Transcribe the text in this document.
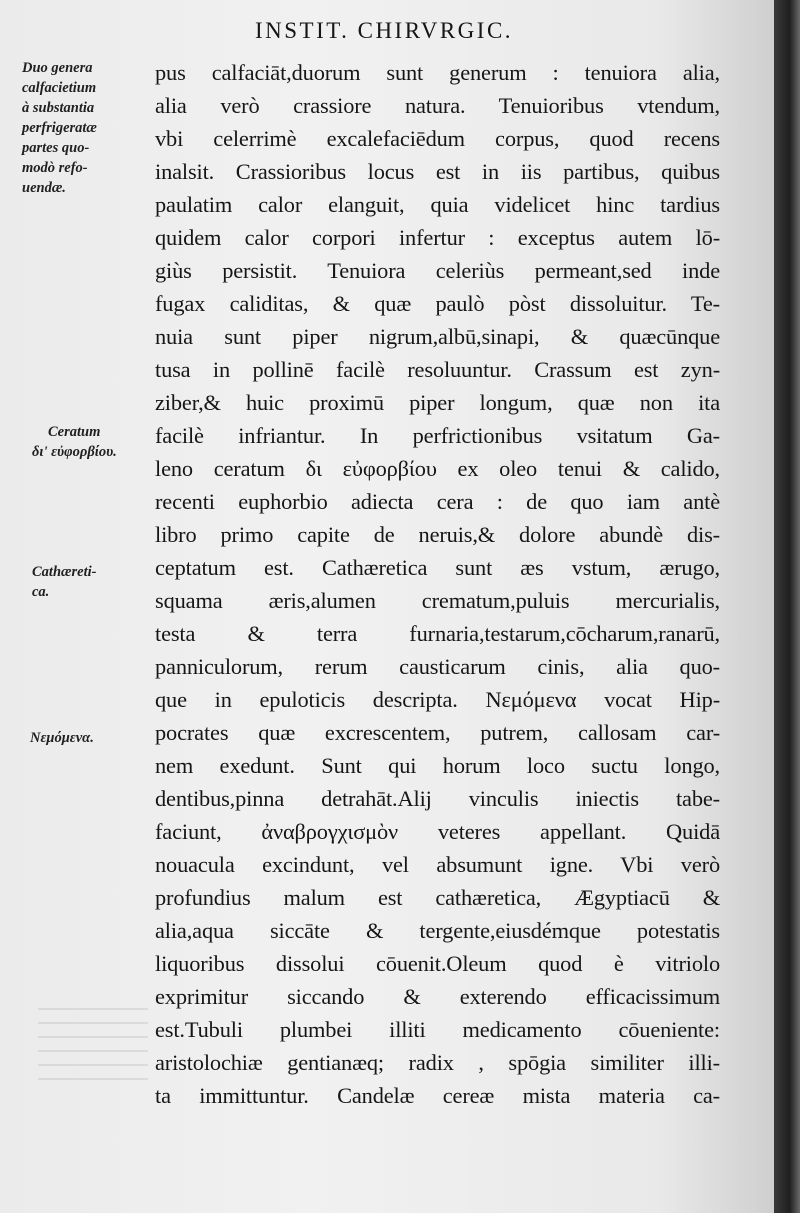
INSTIT. CHIRVRGIC.
Duo genera
calfacietium
à substantia
perfrigeratæ
partes quo-
modò refo-
uendæ.
Ceratum
δι' εὐφορβίου.
Cathæreti-
ca.
Νεμόμενα.
pus calfaciāt,duorum sunt generum : tenuiora alia,
alia verò crassiore natura. Tenuioribus vtendum,
vbi celerrimè excalefaciēdum corpus, quod recens
inalsit. Crassioribus locus est in iis partibus, quibus
paulatim calor elanguit, quia videlicet hinc tardius
quidem calor corpori infertur : exceptus autem lō-
giùs persistit. Tenuiora celeriùs permeant,sed inde
fugax caliditas, & quæ paulò pòst dissoluitur. Te-
nuia sunt piper nigrum,albū,sinapi, & quæcūnque
tusa in pollinē facilè resoluuntur. Crassum est zyn-
ziber,& huic proximū piper longum, quæ non ita
facilè infriantur. In perfrictionibus vsitatum Ga-
leno ceratum δι εὐφορβίου ex oleo tenui & calido,
recenti euphorbio adiecta cera : de quo iam antè
libro primo capite de neruis,& dolore abundè dis-
ceptatum est. Cathæretica sunt æs vstum, ærugo,
squama æris,alumen crematum,puluis mercurialis,
testa & terra furnaria,testarum,cōcharum,ranarū,
panniculorum, rerum causticarum cinis, alia quo-
que in epuloticis descripta. Νεμόμενα vocat Hip-
pocrates quæ excrescentem, putrem, callosam car-
nem exedunt. Sunt qui horum loco suctu longo,
dentibus,pinna detrahāt.Alij vinculis iniectis tabe-
faciunt, ἀναβρογχισμὸν veteres appellant. Quidā
nouacula excindunt, vel absumunt igne. Vbi verò
profundius malum est cathæretica, Ægyptiacū &
alia,aqua siccāte & tergente,eiusdémque potestatis
liquoribus dissolui cōuenit.Oleum quod è vitriolo
exprimitur siccando & exterendo efficacissimum
est.Tubuli plumbei illiti medicamento cōueniente:
aristolochiæ gentianæq; radix , spōgia similiter illi-
ta immittuntur. Candelæ cereæ mista materia ca-
